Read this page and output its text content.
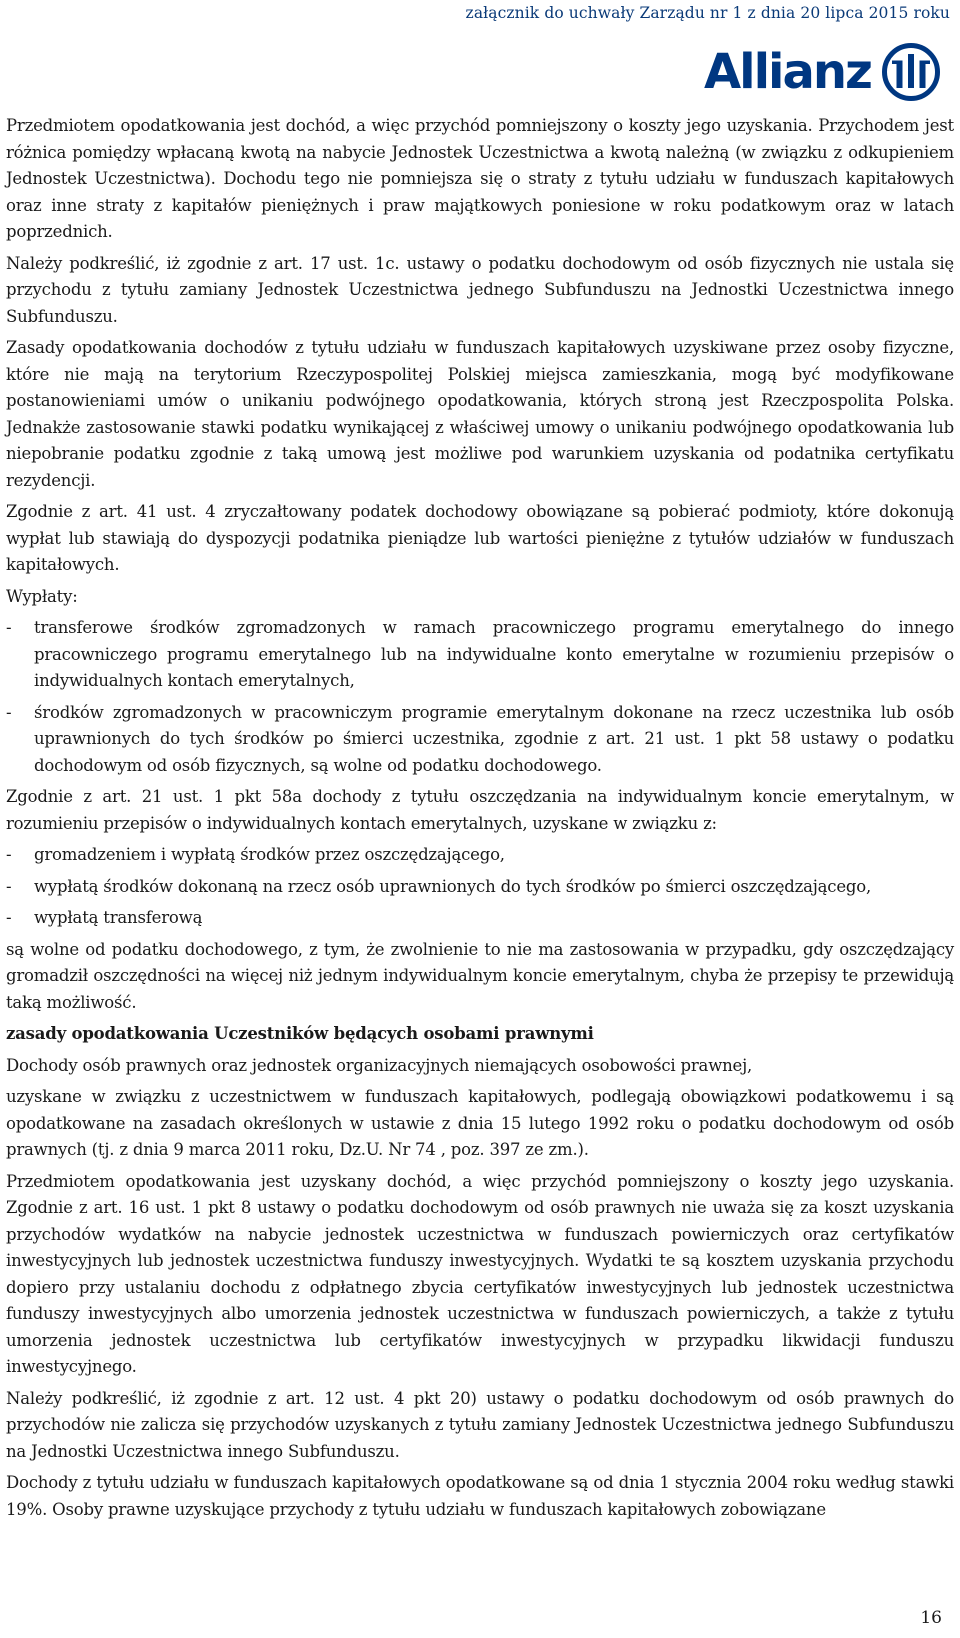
załącznik do uchwały Zarządu nr 1 z dnia 20 lipca 2015 roku
Allianz

Przedmiotem opodatkowania jest dochód, a więc przychód pomniejszony o koszty jego uzyskania. Przychodem jest różnica pomiędzy wpłacaną kwotą na nabycie Jednostek Uczestnictwa a kwotą należną (w związku z odkupieniem Jednostek Uczestnictwa). Dochodu tego nie pomniejsza się o straty z tytułu udziału w funduszach kapitałowych oraz inne straty z kapitałów pieniężnych i praw majątkowych poniesione w roku podatkowym oraz w latach poprzednich.

Należy podkreślić, iż zgodnie z art. 17 ust. 1c. ustawy o podatku dochodowym od osób fizycznych nie ustala się przychodu z tytułu zamiany Jednostek Uczestnictwa jednego Subfunduszu na Jednostki Uczestnictwa innego Subfunduszu.

Zasady opodatkowania dochodów z tytułu udziału w funduszach kapitałowych uzyskiwane przez osoby fizyczne, które nie mają na terytorium Rzeczypospolitej Polskiej miejsca zamieszkania, mogą być modyfikowane postanowieniami umów o unikaniu podwójnego opodatkowania, których stroną jest Rzeczpospolita Polska. Jednakże zastosowanie stawki podatku wynikającej z właściwej umowy o unikaniu podwójnego opodatkowania lub niepobranie podatku zgodnie z taką umową jest możliwe pod warunkiem uzyskania od podatnika certyfikatu rezydencji.

Zgodnie z art. 41 ust. 4 zryczałtowany podatek dochodowy obowiązane są pobierać podmioty, które dokonują wypłat lub stawiają do dyspozycji podatnika pieniądze lub wartości pieniężne z tytułów udziałów w funduszach kapitałowych.

Wypłaty:

-	transferowe środków zgromadzonych w ramach pracowniczego programu emerytalnego do innego pracowniczego programu emerytalnego lub na indywidualne konto emerytalne w rozumieniu przepisów o indywidualnych kontach emerytalnych,
-	środków zgromadzonych w pracowniczym programie emerytalnym dokonane na rzecz uczestnika lub osób uprawnionych do tych środków po śmierci uczestnika, zgodnie z art. 21 ust. 1 pkt 58 ustawy o podatku dochodowym od osób fizycznych, są wolne od podatku dochodowego.

Zgodnie z art. 21 ust. 1 pkt 58a dochody z tytułu oszczędzania na indywidualnym koncie emerytalnym, w rozumieniu przepisów o indywidualnych kontach emerytalnych, uzyskane w związku z:

-	gromadzeniem i wypłatą środków przez oszczędzającego,
-	wypłatą środków dokonaną na rzecz osób uprawnionych do tych środków po śmierci oszczędzającego,
-	wypłatą transferową

są wolne od podatku dochodowego, z tym, że zwolnienie to nie ma zastosowania w przypadku, gdy oszczędzający gromadził oszczędności na więcej niż jednym indywidualnym koncie emerytalnym, chyba że przepisy te przewidują taką możliwość.

zasady opodatkowania Uczestników będących osobami prawnymi

Dochody osób prawnych oraz jednostek organizacyjnych niemających osobowości prawnej,

uzyskane w związku z uczestnictwem w funduszach kapitałowych, podlegają obowiązkowi podatkowemu i są opodatkowane na zasadach określonych w ustawie z dnia 15 lutego 1992 roku o podatku dochodowym od osób prawnych (tj. z dnia 9 marca 2011 roku, Dz.U. Nr 74 , poz. 397 ze zm.).

Przedmiotem opodatkowania jest uzyskany dochód, a więc przychód pomniejszony o koszty jego uzyskania. Zgodnie z art. 16 ust. 1 pkt 8 ustawy o podatku dochodowym od osób prawnych nie uważa się za koszt uzyskania przychodów wydatków na nabycie jednostek uczestnictwa w funduszach powierniczych oraz certyfikatów inwestycyjnych lub jednostek uczestnictwa funduszy inwestycyjnych. Wydatki te są kosztem uzyskania przychodu dopiero przy ustalaniu dochodu z odpłatnego zbycia certyfikatów inwestycyjnych lub jednostek uczestnictwa funduszy inwestycyjnych albo umorzenia jednostek uczestnictwa w funduszach powierniczych, a także z tytułu umorzenia jednostek uczestnictwa lub certyfikatów inwestycyjnych w przypadku likwidacji funduszu inwestycyjnego.

Należy podkreślić, iż zgodnie z art. 12 ust. 4 pkt 20) ustawy o podatku dochodowym od osób prawnych do przychodów nie zalicza się przychodów uzyskanych z tytułu zamiany Jednostek Uczestnictwa jednego Subfunduszu na Jednostki Uczestnictwa innego Subfunduszu.

Dochody z tytułu udziału w funduszach kapitałowych opodatkowane są od dnia 1 stycznia 2004 roku według stawki 19%. Osoby prawne uzyskujące przychody z tytułu udziału w funduszach kapitałowych zobowiązane

16
